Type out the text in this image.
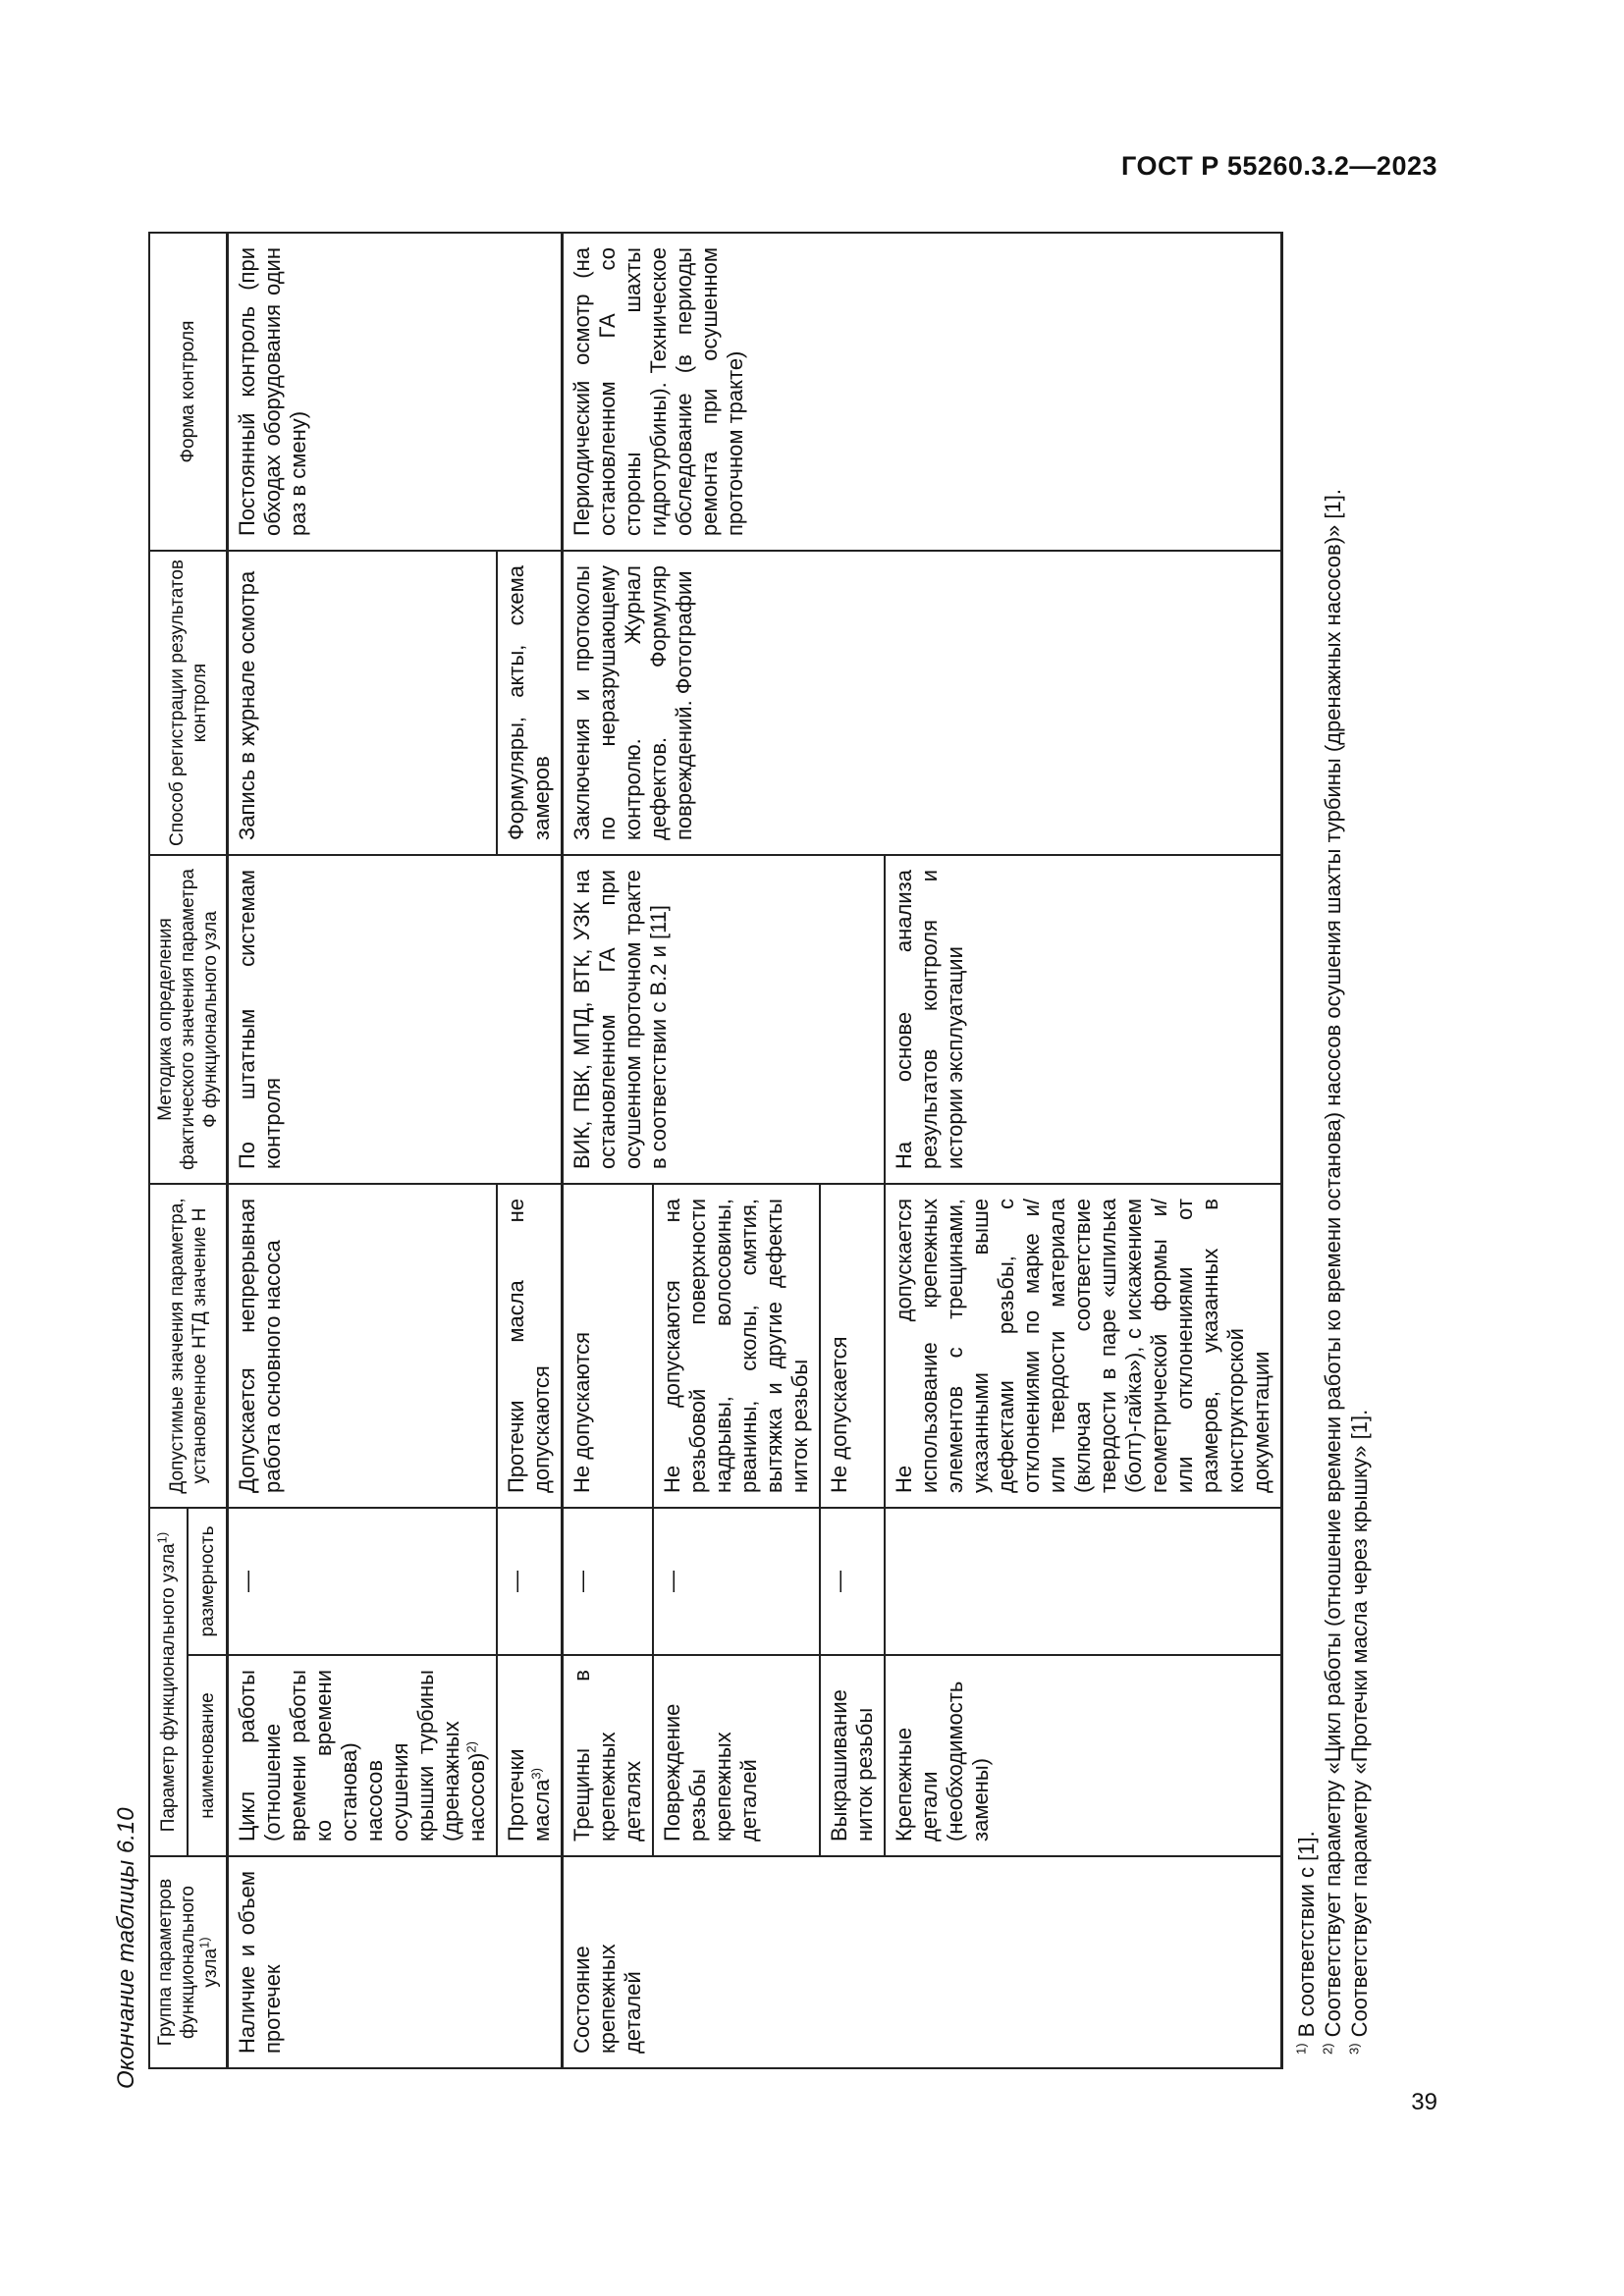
ГОСТ Р 55260.3.2—2023
Окончание таблицы 6.10 Группа параметров функционального узла$^{1)}$	Параметр функционального узла$^{1)}$		Допустимые значения параметра, установленное НТД значение Н	Методика определения фактического значения параметра Ф функционального узла	Способ регистрации результатов контроля	Форма контроля
	наименование	размерность				
Наличие и объем протечек	Цикл работы (отношение времени работы ко времени останова) насосов осушения крышки турбины (дренажных насосов)$^{2)}$	—	Допускается непрерывная работа основного насоса	По штатным системам контроля	Запись в журнале осмотра	Постоянный контроль (при обходах оборудования один раз в смену)
	Протечки масла$^{3)}$	—	Протечки масла не допускаются		Формуляры, акты, схема замеров	
Состояние крепежных деталей	Трещины в крепежных деталях	—	Не допускаются	ВИК, ПВК, МПД, ВТК, УЗК на остановленном ГА при осушенном проточном тракте в соответствии с В.2 и [11]	Заключения и протоколы по неразрушающему контролю. Журнал дефектов. Формуляр повреждений. Фотографии	Периодический осмотр (на остановленном ГА со стороны шахты гидротурбины). Техническое обследование (в периоды ремонта при осушенном проточном тракте)
	Повреждение резьбы крепежных деталей	—	Не допускаются на резьбовой поверхности надрывы, волосовины, рванины, сколы, смятия, вытяжка и другие дефекты ниток резьбы			
	Выкрашивание ниток резьбы	—	Не допускается			
	Крепежные детали (необходимость замены)		Не допускается использование крепежных элементов с трещинами, указанными выше дефектами резьбы, с отклонениями по марке и/или твердости материала (включая соответствие твердости в паре «шпилька (болт)-гайка»), с искажением геометрической формы и/или отклонениями от размеров, указанных в конструкторской документации	На основе анализа результатов контроля и истории эксплуатации		

$^{1)}$ В соответствии с [1].
$^{2)}$ Соответствует параметру «Цикл работы (отношение времени работы ко времени останова) насосов осушения шахты турбины (дренажных насосов)» [1].
$^{3)}$ Соответствует параметру «Протечки масла через крышку» [1].						
39
